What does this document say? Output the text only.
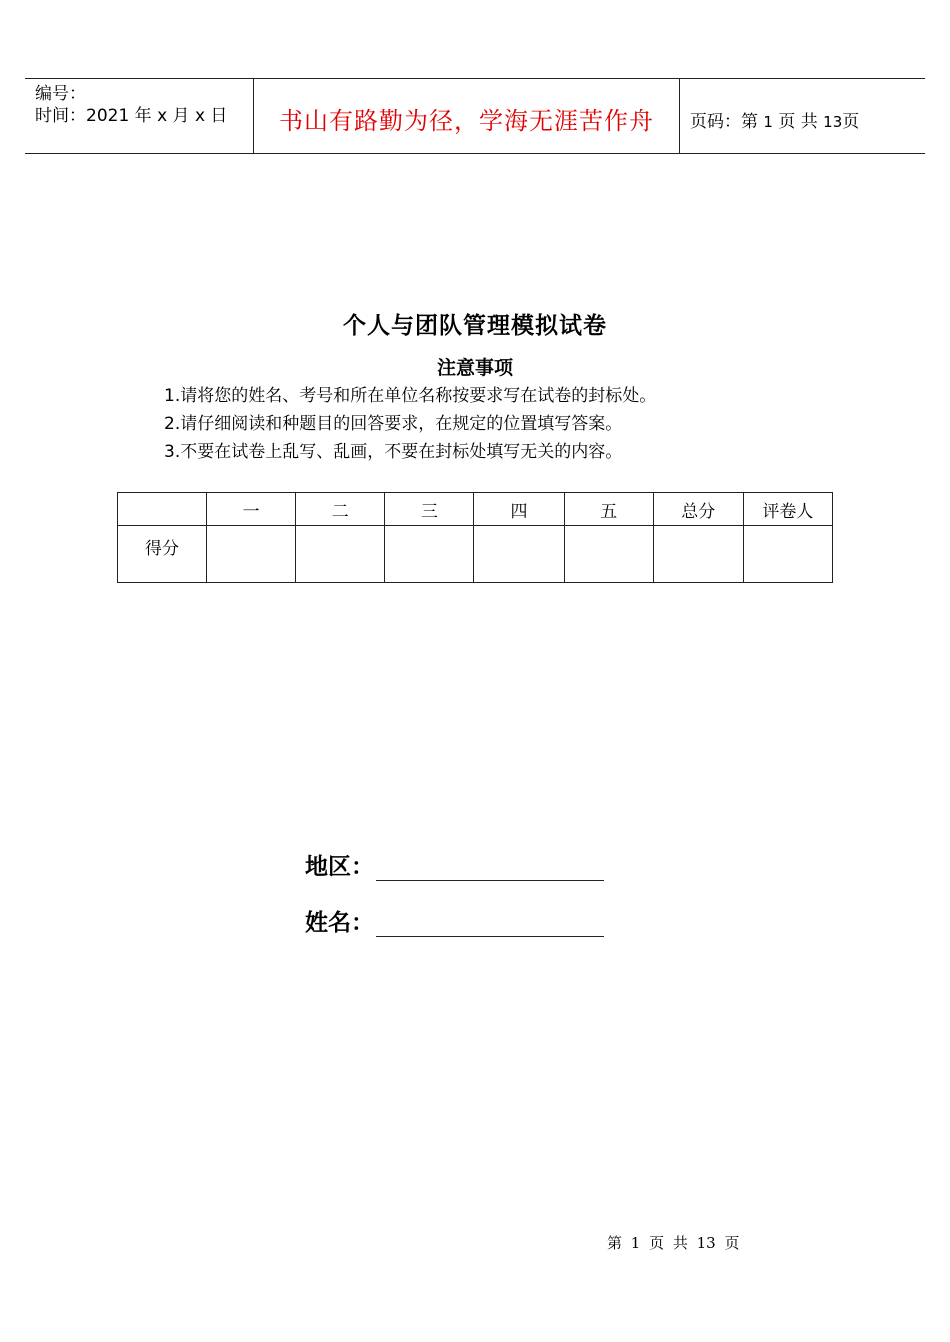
编号：
时间：2021 年 x 月 x 日	书山有路勤为径，学海无涯苦作舟	页码：第 1 页 共 13页
个人与团队管理模拟试卷
注意事项
1.请将您的姓名、考号和所在单位名称按要求写在试卷的封标处。
2.请仔细阅读和种题目的回答要求，在规定的位置填写答案。
3.不要在试卷上乱写、乱画，不要在封标处填写无关的内容。
	一	二	三	四	五	总分	评卷人
得分							
地区：
姓名：
第 1 页 共 13 页
